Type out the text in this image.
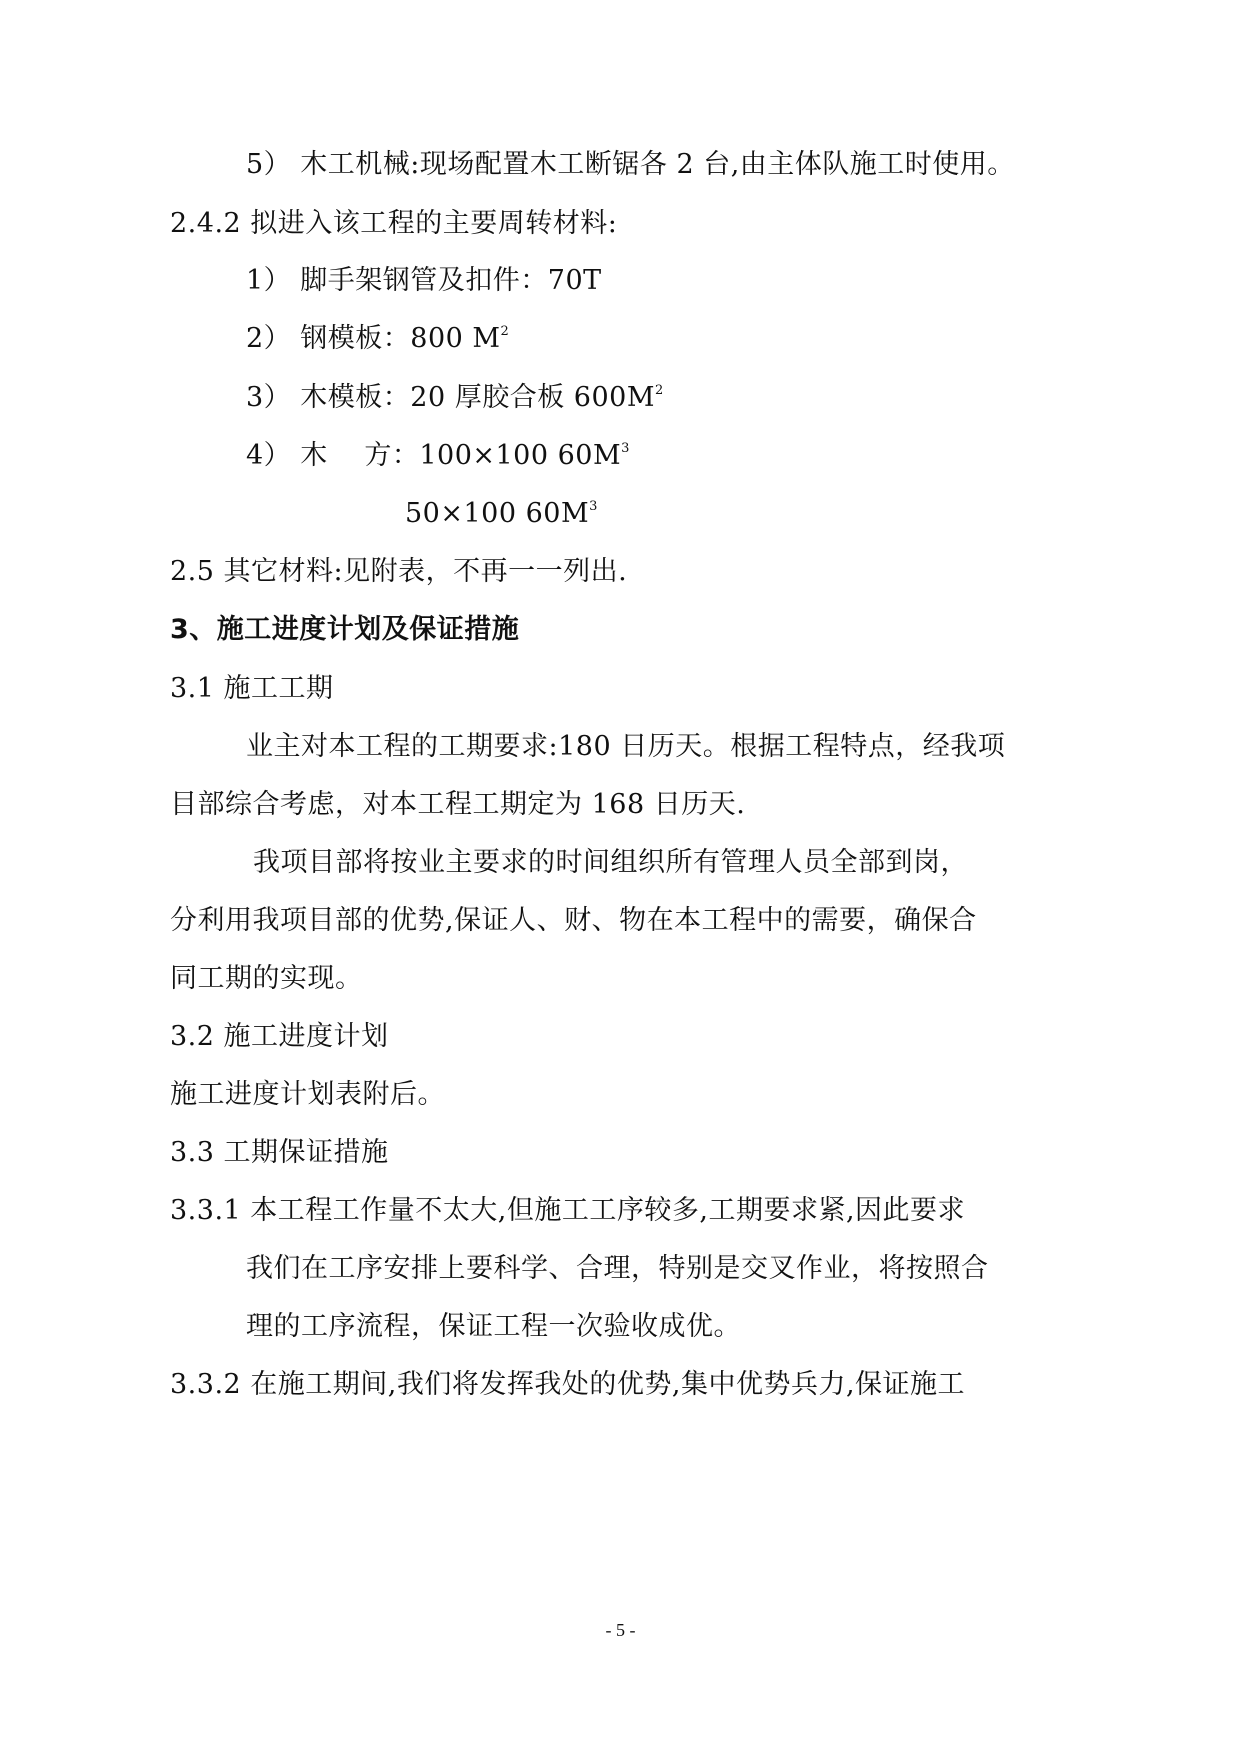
5） 木工机械:现场配置木工断锯各 2 台,由主体队施工时使用。
2.4.2 拟进入该工程的主要周转材料:
1） 脚手架钢管及扣件：70T
2） 钢模板：800 $M^2$
3） 木模板：20 厚胶合板 $600M^2$
4） 木　 方：100×100 $60M^3$
50×100 $60M^3$
2.5 其它材料:见附表，不再一一列出.
3、施工进度计划及保证措施
3.1 施工工期
业主对本工程的工期要求:180 日历天。根据工程特点，经我项
目部综合考虑，对本工程工期定为 168 日历天.
我项目部将按业主要求的时间组织所有管理人员全部到岗，
分利用我项目部的优势,保证人、财、物在本工程中的需要，确保合
同工期的实现。
3.2 施工进度计划
施工进度计划表附后。
3.3 工期保证措施
3.3.1 本工程工作量不太大,但施工工序较多,工期要求紧,因此要求
我们在工序安排上要科学、合理，特别是交叉作业，将按照合
理的工序流程，保证工程一次验收成优。
3.3.2 在施工期间,我们将发挥我处的优势,集中优势兵力,保证施工
- 5 -
